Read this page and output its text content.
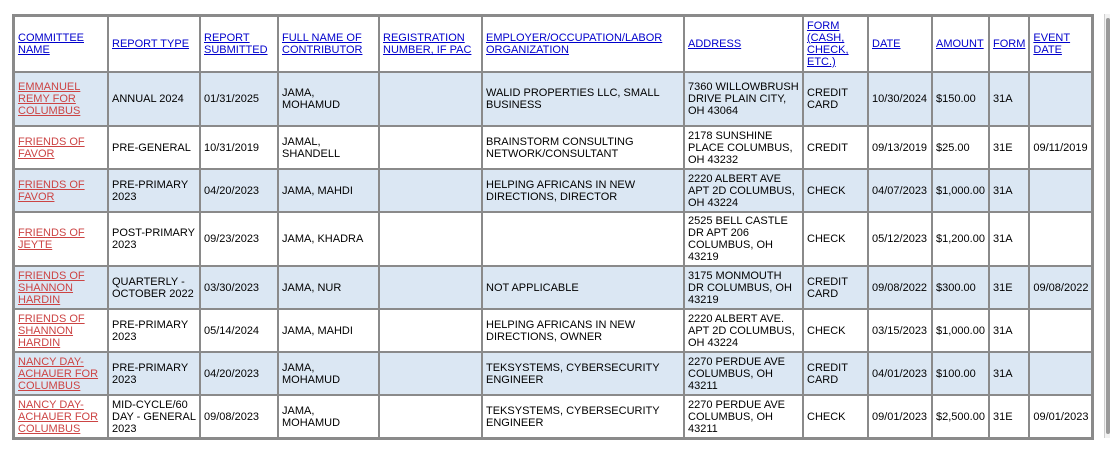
COMMITTEE NAME	REPORT TYPE	REPORT SUBMITTED	FULL NAME OF CONTRIBUTOR	REGISTRATION NUMBER, IF PAC	EMPLOYER/OCCUPATION/LABOR ORGANIZATION	ADDRESS	FORM (CASH, CHECK, ETC.)	DATE	AMOUNT	FORM	EVENT DATE
EMMANUEL REMY FOR COLUMBUS	ANNUAL 2024	01/31/2025	JAMA, MOHAMUD		WALID PROPERTIES LLC, SMALL BUSINESS	7360 WILLOWBRUSH DRIVE PLAIN CITY, OH 43064	CREDIT CARD	10/30/2024	$150.00	31A	
FRIENDS OF FAVOR	PRE-GENERAL	10/31/2019	JAMAL, SHANDELL		BRAINSTORM CONSULTING NETWORK/CONSULTANT	2178 SUNSHINE PLACE COLUMBUS, OH 43232	CREDIT	09/13/2019	$25.00	31E	09/11/2019
FRIENDS OF FAVOR	PRE-PRIMARY 2023	04/20/2023	JAMA, MAHDI		HELPING AFRICANS IN NEW DIRECTIONS, DIRECTOR	2220 ALBERT AVE APT 2D COLUMBUS, OH 43224	CHECK	04/07/2023	$1,000.00	31A	
FRIENDS OF JEYTE	POST-PRIMARY 2023	09/23/2023	JAMA, KHADRA			2525 BELL CASTLE DR APT 206 COLUMBUS, OH 43219	CHECK	05/12/2023	$1,200.00	31A	
FRIENDS OF SHANNON HARDIN	QUARTERLY - OCTOBER 2022	03/30/2023	JAMA, NUR		NOT APPLICABLE	3175 MONMOUTH DR COLUMBUS, OH 43219	CREDIT CARD	09/08/2022	$300.00	31E	09/08/2022
FRIENDS OF SHANNON HARDIN	PRE-PRIMARY 2023	05/14/2024	JAMA, MAHDI		HELPING AFRICANS IN NEW DIRECTIONS, OWNER	2220 ALBERT AVE. APT 2D COLUMBUS, OH 43224	CHECK	03/15/2023	$1,000.00	31A	
NANCY DAY-ACHAUER FOR COLUMBUS	PRE-PRIMARY 2023	04/20/2023	JAMA, MOHAMUD		TEKSYSTEMS, CYBERSECURITY ENGINEER	2270 PERDUE AVE COLUMBUS, OH 43211	CREDIT CARD	04/01/2023	$100.00	31A	
NANCY DAY-ACHAUER FOR COLUMBUS	MID-CYCLE/60 DAY - GENERAL 2023	09/08/2023	JAMA, MOHAMUD		TEKSYSTEMS, CYBERSECURITY ENGINEER	2270 PERDUE AVE COLUMBUS, OH 43211	CHECK	09/01/2023	$2,500.00	31E	09/01/2023
